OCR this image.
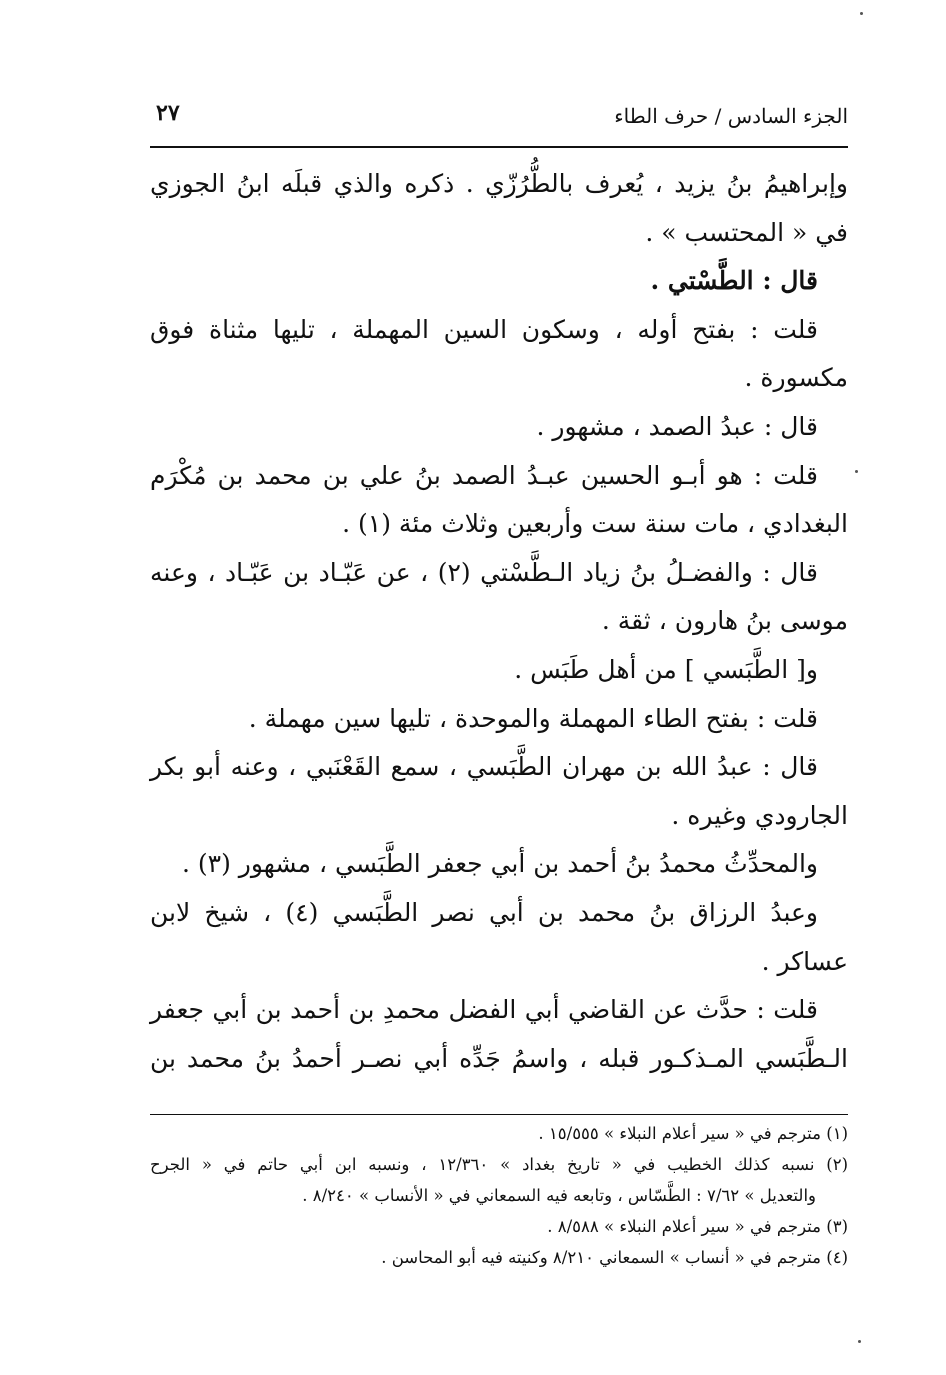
الجزء السادس / حرف الطاء
٢٧
وإبراهيمُ بنُ يزيد ، يُعرف بالطُّرُزّي . ذكره والذي قبلَه ابنُ الجوزي
في « المحتسب » .
قال : الطَّسْتي .
قلت : بفتح أوله ، وسكون السين المهملة ، تليها مثناة فوق
مكسورة .
قال : عبدُ الصمد ، مشهور .
قلت : هو أبـو الحسين عبـدُ الصمد بنُ علي بن محمد بن مُكْرَم
البغدادي ، مات سنة ست وأربعين وثلاث مئة (١) .
قال : والفضـلُ بنُ زياد الـطَّسْتي (٢) ، عن عَبّـاد بن عَبّـاد ، وعنه
موسى بنُ هارون ، ثقة .
و[ الطَّبَسي ] من أهل طَبَس .
قلت : بفتح الطاء المهملة والموحدة ، تليها سين مهملة .
قال : عبدُ الله بن مهران الطَّبَسي ، سمع القَعْنَبي ، وعنه أبو بكر
الجارودي وغيره .
والمحدِّثُ محمدُ بنُ أحمد بن أبي جعفر الطَّبَسي ، مشهور (٣) .
وعبدُ الرزاق بنُ محمد بن أبي نصر الطَّبَسي (٤) ، شيخ لابن
عساكر .
قلت : حدَّث عن القاضي أبي الفضل محمدِ بن أحمد بن أبي جعفر
الـطَّبَسي المـذكـور قبله ، واسمُ جَدِّه أبي نصـر أحمدُ بنُ محمد بن
(١) مترجم في « سير أعلام النبلاء » ١٥/٥٥٥ .
(٢) نسبه كذلك الخطيب في « تاريخ بغداد » ١٢/٣٦٠ ، ونسبه ابن أبي حاتم في « الجرح
والتعديل » ٧/٦٢ : الطَّسّاس ، وتابعه فيه السمعاني في « الأنساب » ٨/٢٤٠ .
(٣) مترجم في « سير أعلام النبلاء » ٨/٥٨٨ .
(٤) مترجم في « أنساب » السمعاني ٨/٢١٠ وكنيته فيه أبو المحاسن .
